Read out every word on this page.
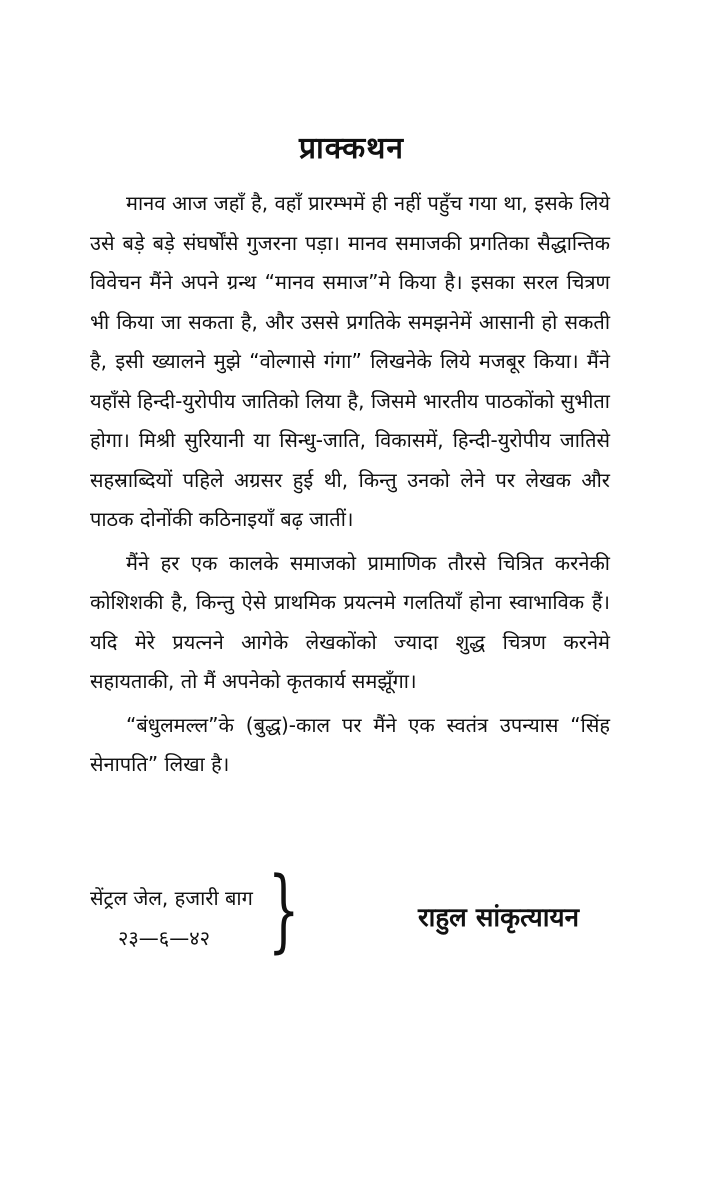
प्राक्कथन

मानव आज जहाँ है, वहाँ प्रारम्भमें ही नहीं पहुँच गया था, इसके लिये उसे बड़े बड़े संघर्षोंसे गुजरना पड़ा। मानव समाजकी प्रगतिका सैद्धान्तिक विवेचन मैंने अपने ग्रन्थ “मानव समाज”मे किया है। इसका सरल चित्रण भी किया जा सकता है, और उससे प्रगतिके समझनेमें आसानी हो सकती है, इसी ख्यालने मुझे “वोल्गासे गंगा” लिखनेके लिये मजबूर किया। मैंने यहाँसे हिन्दी-युरोपीय जातिको लिया है, जिसमे भारतीय पाठकोंको सुभीता होगा। मिश्री सुरियानी या सिन्धु-जाति, विकासमें, हिन्दी-युरोपीय जातिसे सहस्राब्दियों पहिले अग्रसर हुई थी, किन्तु उनको लेने पर लेखक और पाठक दोनोंकी कठिनाइयाँ बढ़ जातीं।

मैंने हर एक कालके समाजको प्रामाणिक तौरसे चित्रित करनेकी कोशिशकी है, किन्तु ऐसे प्राथमिक प्रयत्नमे गलतियाँ होना स्वाभाविक हैं। यदि मेरे प्रयत्नने आगेके लेखकोंको ज्यादा शुद्ध चित्रण करनेमे सहायताकी, तो मैं अपनेको कृतकार्य समझूँगा।

“बंधुलमल्ल”के (बुद्ध)-काल पर मैंने एक स्वतंत्र उपन्यास “सिंह सेनापति” लिखा है।

सेंट्रल जेल, हजारी बाग
२३—६—४२ }	राहुल सांकृत्यायन
